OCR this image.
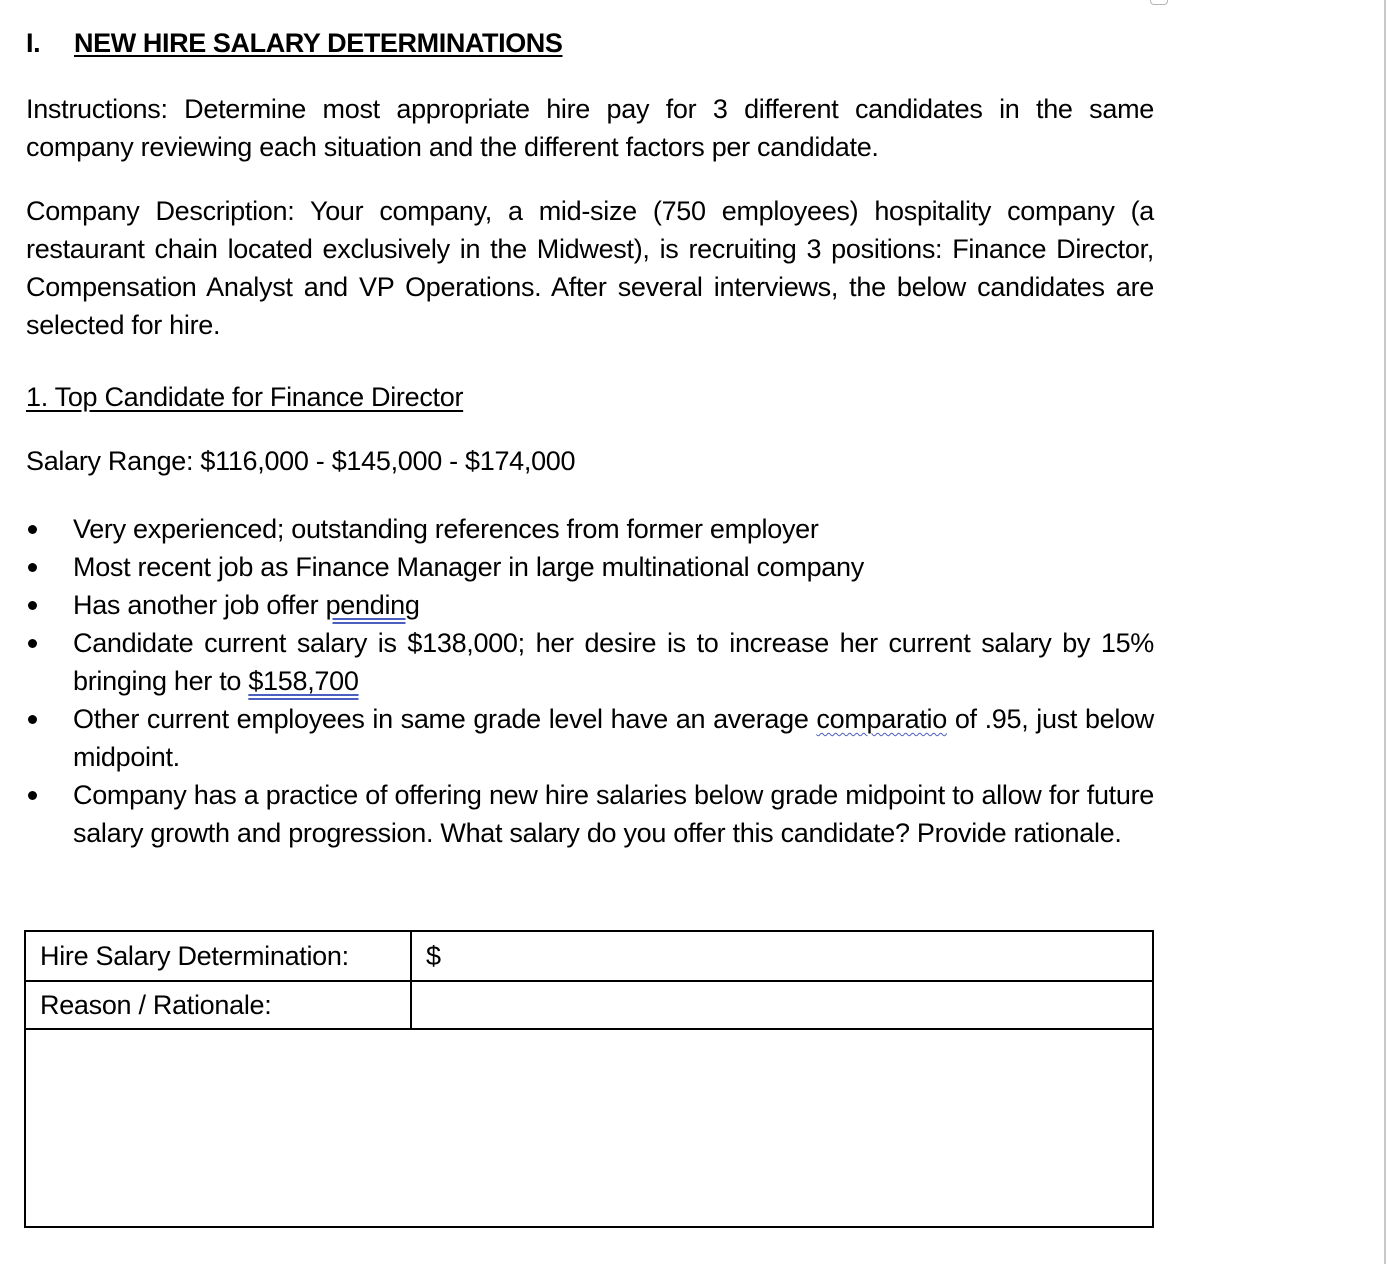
I. NEW HIRE SALARY DETERMINATIONS

Instructions: Determine most appropriate hire pay for 3 different candidates in the same company reviewing each situation and the different factors per candidate.

Company Description: Your company, a mid-size (750 employees) hospitality company (a restaurant chain located exclusively in the Midwest), is recruiting 3 positions: Finance Director, Compensation Analyst and VP Operations. After several interviews, the below candidates are selected for hire.

1. Top Candidate for Finance Director
Salary Range: $116,000 - $145,000 - $174,000
Very experienced; outstanding references from former employer
Most recent job as Finance Manager in large multinational company
Has another job offer pending
Candidate current salary is $138,000; her desire is to increase her current salary by 15% bringing her to $158,700
Other current employees in same grade level have an average comparatio of .95, just below midpoint.
Company has a practice of offering new hire salaries below grade midpoint to allow for future salary growth and progression. What salary do you offer this candidate? Provide rationale.
Hire Salary Determination:	$
Reason / Rationale:	
